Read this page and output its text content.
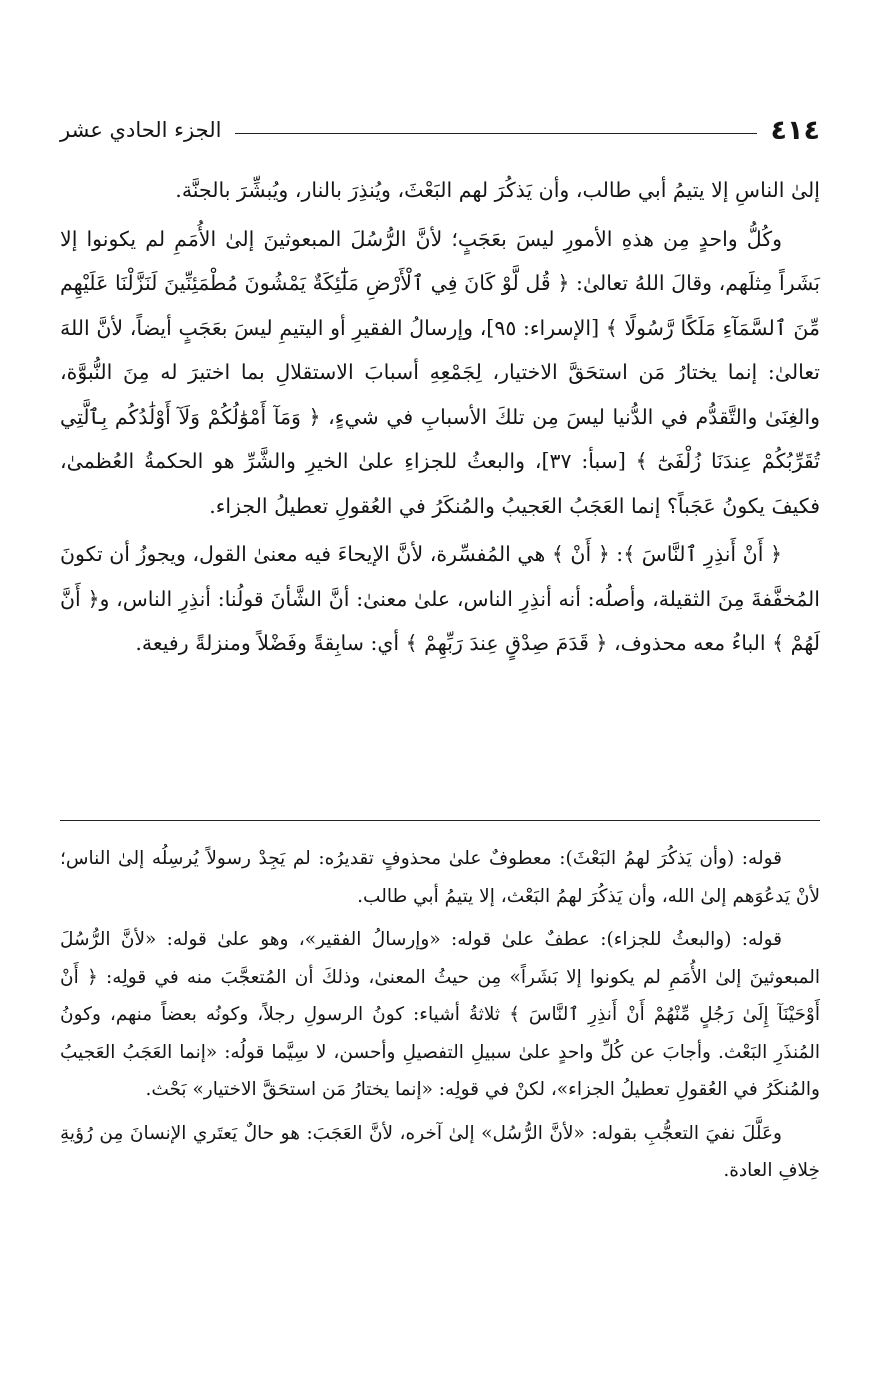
٤١٤
الجزء الحادي عشر

إلىٰ الناسِ إلا يتيمُ أبي طالب، وأن يَذكُرَ لهم البَعْثَ، ويُنذِرَ بالنار، ويُبشِّرَ بالجنَّة.

وكُلُّ واحدٍ مِن هذهِ الأمورِ ليسَ بعَجَبٍ؛ لأنَّ الرُّسُلَ المبعوثينَ إلىٰ الأُمَمِ لم يكونوا إلا بَشَراً مِثلَهم، وقالَ اللهُ تعالىٰ: ﴿ قُل لَّوْ كَانَ فِي ٱلْأَرْضِ مَلَٰٓئِكَةٌ يَمْشُونَ مُطْمَئِنِّينَ لَنَزَّلْنَا عَلَيْهِم مِّنَ ٱلسَّمَآءِ مَلَكًا رَّسُولًا ﴾ [الإسراء: ٩٥]، وإرسالُ الفقيرِ أو اليتيمِ ليسَ بعَجَبٍ أيضاً، لأنَّ اللهَ تعالىٰ: إنما يختارُ مَن استحَقَّ الاختيار، لِجَمْعِهِ أسبابَ الاستقلالِ بما اختيرَ له مِنَ النُّبوَّة، والغِنَىٰ والتَّقدُّم في الدُّنيا ليسَ مِن تلكَ الأسبابِ في شيءٍ، ﴿ وَمَآ أَمْوَٰلُكُمْ وَلَآ أَوْلَٰدُكُم بِٱلَّتِي تُقَرِّبُكُمْ عِندَنَا زُلْفَىٰٓ ﴾ [سبأ: ٣٧]، والبعثُ للجزاءِ علىٰ الخيرِ والشَّرِّ هو الحكمةُ العُظمىٰ، فكيفَ يكونُ عَجَباً؟ إنما العَجَبُ العَجيبُ والمُنكَرُ في العُقولِ تعطيلُ الجزاء.

﴿ أَنْ أَنذِرِ ٱلنَّاسَ ﴾: ﴿ أَنْ ﴾ هي المُفسِّرة، لأنَّ الإيحاءَ فيه معنىٰ القول، ويجوزُ أن تكونَ المُخفَّفةَ مِنَ الثقيلة، وأصلُه: أنه أنذِرِ الناس، علىٰ معنىٰ: أنَّ الشَّأنَ قولُنا: أنذِرِ الناس، و﴿ أَنَّ لَهُمْ ﴾ الباءُ معه محذوف، ﴿ قَدَمَ صِدْقٍ عِندَ رَبِّهِمْ ﴾ أي: سابِقةً وفَضْلاً ومنزلةً رفيعة.

قوله: (وأن يَذكُرَ لهمُ البَعْثَ): معطوفٌ علىٰ محذوفٍ تقديرُه: لم يَجِدْ رسولاً يُرسِلُه إلىٰ الناس؛ لأنْ يَدعُوَهم إلىٰ الله، وأن يَذكُرَ لهمُ البَعْث، إلا يتيمُ أبي طالب.

قوله: (والبعثُ للجزاء): عطفٌ علىٰ قوله: «وإرسالُ الفقير»، وهو علىٰ قوله: «لأنَّ الرُّسُلَ المبعوثينَ إلىٰ الأُمَمِ لم يكونوا إلا بَشَراً» مِن حيثُ المعنىٰ، وذلكَ أن المُتعجَّبَ منه في قولِه: ﴿ أَنْ أَوْحَيْنَآ إِلَىٰ رَجُلٍ مِّنْهُمْ أَنْ أَنذِرِ ٱلنَّاسَ ﴾ ثلاثةُ أشياء: كونُ الرسولِ رجلاً، وكونُه بعضاً منهم، وكونُ المُنذَرِ البَعْث. وأجابَ عن كُلِّ واحدٍ علىٰ سبيلِ التفصيلِ وأحسن، لا سِيَّما قولُه: «إنما العَجَبُ العَجيبُ والمُنكَرُ في العُقولِ تعطيلُ الجزاء»، لكنْ في قولِه: «إنما يختارُ مَن استحَقَّ الاختيار» بَحْث.

وعَلَّلَ نفيَ التعجُّبِ بقوله: «لأنَّ الرُّسُل» إلىٰ آخره، لأنَّ العَجَبَ: هو حالٌ يَعتَري الإنسانَ مِن رُؤيةِ خِلافِ العادة.
